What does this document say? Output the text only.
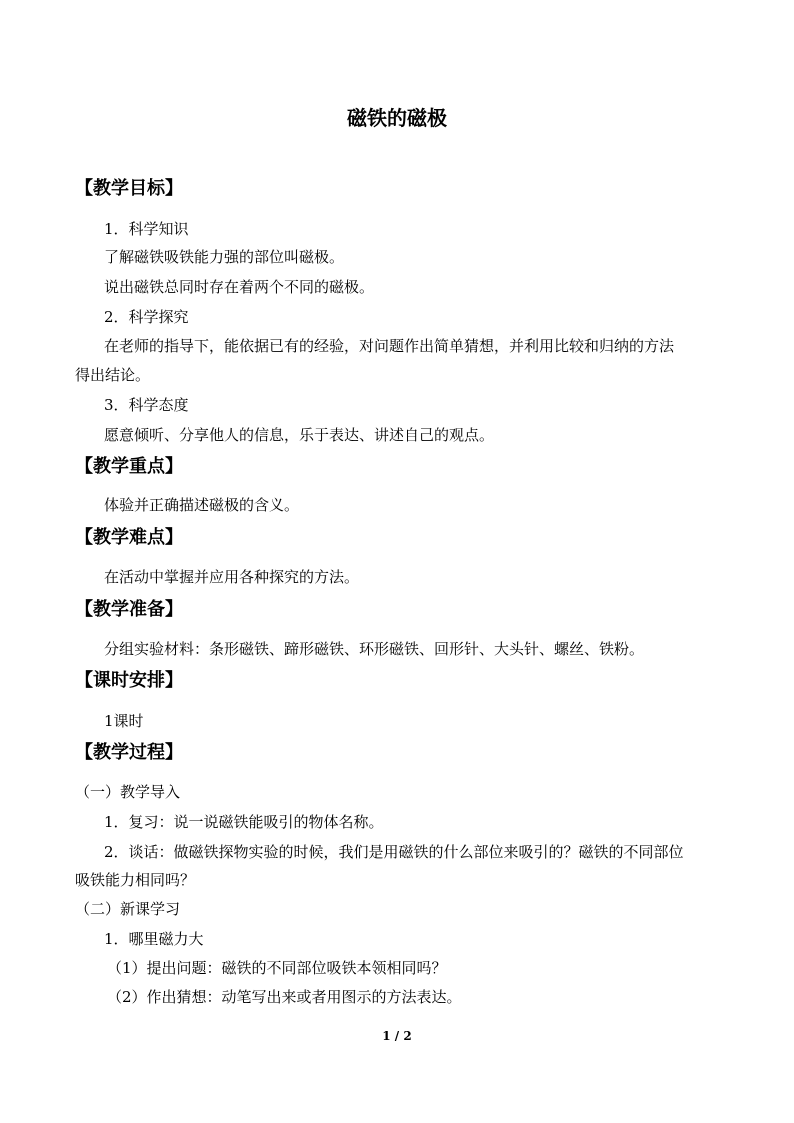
磁铁的磁极
【教学目标】
1．科学知识
了解磁铁吸铁能力强的部位叫磁极。
说出磁铁总同时存在着两个不同的磁极。
2．科学探究
在老师的指导下，能依据已有的经验，对问题作出简单猜想，并利用比较和归纳的方法
得出结论。
3．科学态度
愿意倾听、分享他人的信息，乐于表达、讲述自己的观点。
【教学重点】
体验并正确描述磁极的含义。
【教学难点】
在活动中掌握并应用各种探究的方法。
【教学准备】
分组实验材料：条形磁铁、蹄形磁铁、环形磁铁、回形针、大头针、螺丝、铁粉。
【课时安排】
1课时
【教学过程】
（一）教学导入
1．复习：说一说磁铁能吸引的物体名称。
2．谈话：做磁铁探物实验的时候，我们是用磁铁的什么部位来吸引的？磁铁的不同部位
吸铁能力相同吗？
（二）新课学习
1．哪里磁力大
（1）提出问题：磁铁的不同部位吸铁本领相同吗？
（2）作出猜想：动笔写出来或者用图示的方法表达。
1 / 2
